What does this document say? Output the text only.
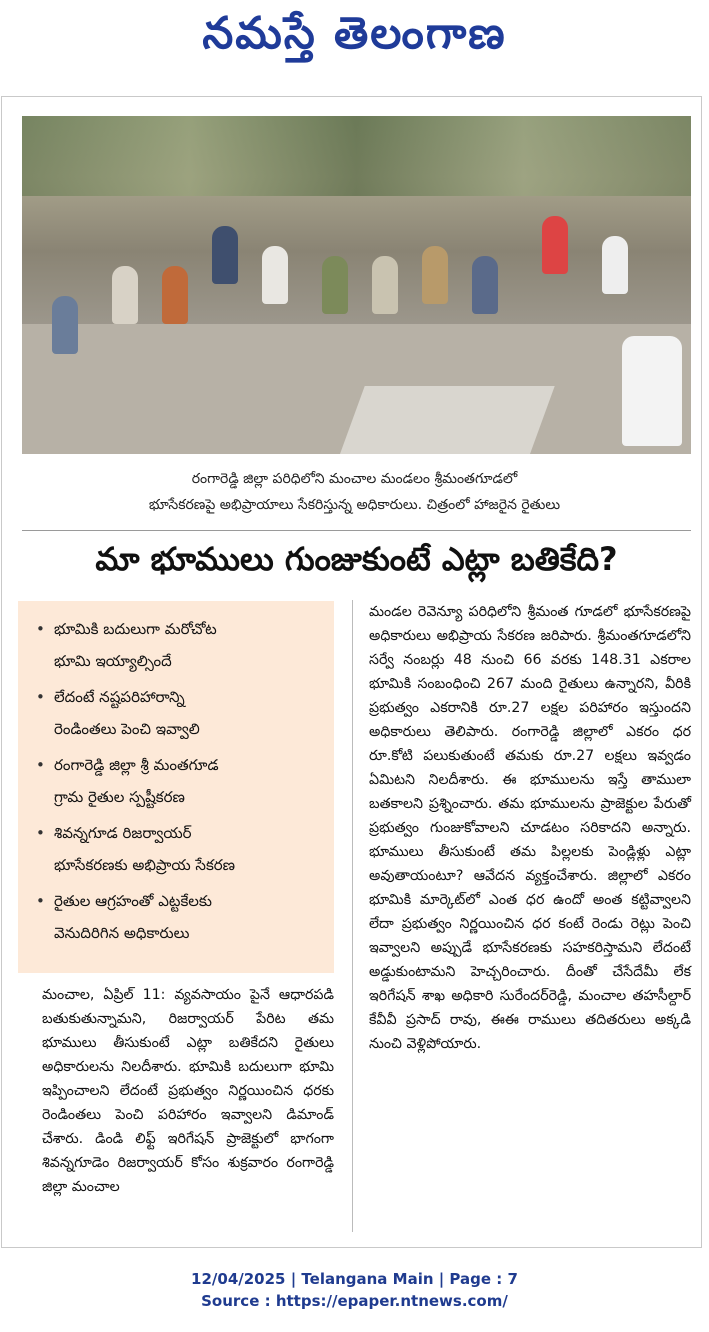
నమస్తే తెలంగాణ
రంగారెడ్డి జిల్లా పరిధిలోని మంచాల మండలం శ్రీమంతగూడలో
భూసేకరణపై అభిప్రాయాలు సేకరిస్తున్న అధికారులు. చిత్రంలో హాజరైన రైతులు
మా భూములు గుంజుకుంటే ఎట్లా బతికేది?
• భూమికి బదులుగా మరోచోట
భూమి ఇయ్యాల్సిందే
• లేదంటే నష్టపరిహారాన్ని
రెండింతలు పెంచి ఇవ్వాలి
• రంగారెడ్డి జిల్లా శ్రీ మంతగూడ
గ్రామ రైతుల స్పష్టీకరణ
• శివన్నగూడ రిజర్వాయర్
భూసేకరణకు అభిప్రాయ సేకరణ
• రైతుల ఆగ్రహంతో ఎట్టకేలకు
వెనుదిరిగిన అధికారులు

మండల రెవెన్యూ పరిధిలోని శ్రీమంత గూడలో భూసేకరణపై అధికారులు అభిప్రాయ సేకరణ జరిపారు. శ్రీమంతగూడలోని సర్వే నంబర్లు 48 నుంచి 66 వరకు 148.31 ఎకరాల భూమికి సంబంధించి 267 మంది రైతులు ఉన్నారని, వీరికి ప్రభుత్వం ఎకరానికి రూ.27 లక్షల పరిహారం ఇస్తుందని అధికారులు తెలిపారు. రంగారెడ్డి జిల్లాలో ఎకరం ధర రూ.కోటి పలుకుతుంటే తమకు రూ.27 లక్షలు ఇవ్వడం ఏమిటని నిలదీశారు. ఈ భూములను ఇస్తే తాములా బతకాలని ప్రశ్నించారు. తమ భూములను ప్రాజెక్టుల పేరుతో ప్రభుత్వం గుంజుకోవాలని చూడటం సరికాదని అన్నారు. భూములు తీసుకుంటే తమ పిల్లలకు పెండ్లిళ్లు ఎట్లా అవుతాయంటూ? ఆవేదన వ్యక్తంచేశారు. జిల్లాలో ఎకరం భూమికి మార్కెట్‌లో ఎంత ధర ఉందో అంత కట్టివ్వాలని లేదా ప్రభుత్వం నిర్ణయించిన ధర కంటే రెండు రెట్లు పెంచి ఇవ్వాలని అప్పుడే భూసేకరణకు సహకరిస్తామని లేదంటే అడ్డుకుంటామని హెచ్చరించారు. దీంతో చేసేదేమీ లేక ఇరిగేషన్ శాఖ అధికారి సురేందర్‌రెడ్డి, మంచాల తహసీల్దార్ కేవీవీ ప్రసాద్ రావు, ఈఈ రాములు తదితరులు అక్కడి నుంచి వెళ్లిపోయారు.

మంచాల, ఏప్రిల్ 11: వ్యవసాయం పైనే ఆధారపడి బతుకుతున్నామని, రిజర్వాయర్ పేరిట తమ భూములు తీసుకుంటే ఎట్లా బతికేదని రైతులు అధికారులను నిలదీశారు. భూమికి బదులుగా భూమి ఇప్పించాలని లేదంటే ప్రభుత్వం నిర్ణయించిన ధరకు రెండింతలు పెంచి పరిహారం ఇవ్వాలని డిమాండ్ చేశారు. డిండి లిఫ్ట్ ఇరిగేషన్ ప్రాజెక్టులో భాగంగా శివన్నగూడెం రిజర్వాయర్ కోసం శుక్రవారం రంగారెడ్డి జిల్లా మంచాల

12/04/2025 | Telangana Main | Page : 7
Source : https://epaper.ntnews.com/
